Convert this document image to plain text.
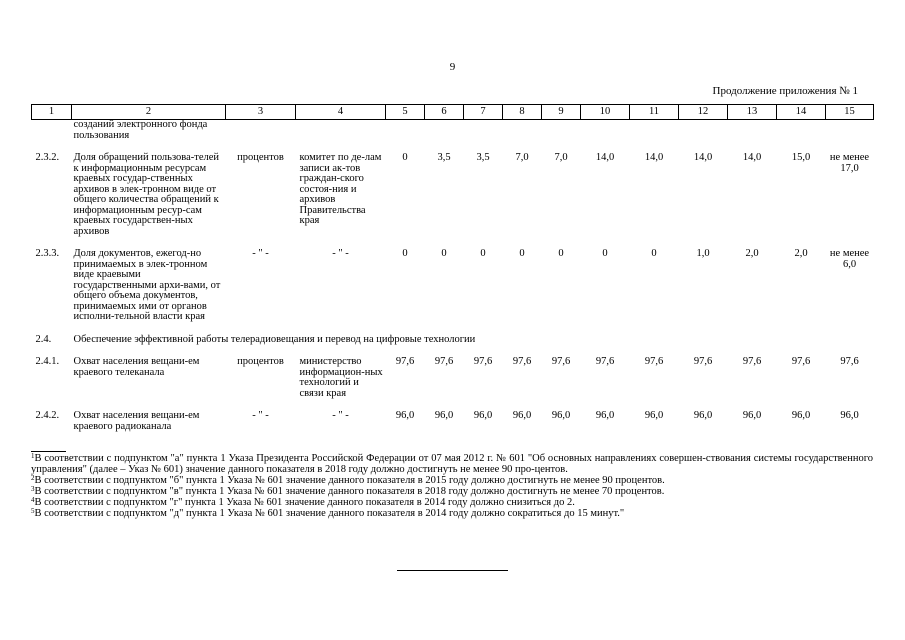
9
Продолжение приложения № 1
1	2	3	4	5	6	7	8	9	10	11	12	13	14	15
	созданий электронного фонда пользования													

2.3.2.	Доля обращений пользова-телей к информационным ресурсам краевых государ-ственных архивов в элек-тронном виде от общего количества обращений к информационным ресур-сам краевых государствен-ных архивов	процентов	комитет по де-лам записи ак-тов граждан-ского состоя-ния и архивов Правительства края	0	3,5	3,5	7,0	7,0	14,0	14,0	14,0	14,0	15,0	не менее 17,0

2.3.3.	Доля документов, ежегод-но принимаемых в элек-тронном виде краевыми государственными архи-вами, от общего объема документов, принимаемых ими от органов исполни-тельной власти края	- " -	- " -	0	0	0	0	0	0	0	1,0	2,0	2,0	не менее 6,0

2.4.	Обеспечение эффективной работы телерадиовещания и перевод на цифровые технологии													

2.4.1.	Охват населения вещани-ем краевого телеканала	процентов	министерство информацион-ных технологий и связи края	97,6	97,6	97,6	97,6	97,6	97,6	97,6	97,6	97,6	97,6	97,6

2.4.2.	Охват населения вещани-ем краевого радиоканала	- " -	- " -	96,0	96,0	96,0	96,0	96,0	96,0	96,0	96,0	96,0	96,0	96,0

$^1$В соответствии с подпунктом "а" пункта 1 Указа Президента Российской Федерации от 07 мая 2012 г. № 601 "Об основных направлениях совершен-ствования системы государственного управления" (далее – Указ № 601) значение данного показателя в 2018 году должно достигнуть не менее 90 про-центов.

$^2$В соответствии с подпунктом "б" пункта 1 Указа № 601 значение данного показателя в 2015 году должно достигнуть не менее 90 процентов.

$^3$В соответствии с подпунктом "в" пункта 1 Указа № 601 значение данного показателя в 2018 году должно достигнуть не менее 70 процентов.

$^4$В соответствии с подпунктом "г" пункта 1 Указа № 601 значение данного показателя в 2014 году должно снизиться до 2.

$^5$В соответствии с подпунктом "д" пункта 1 Указа № 601 значение данного показателя в 2014 году должно сократиться до 15 минут."
